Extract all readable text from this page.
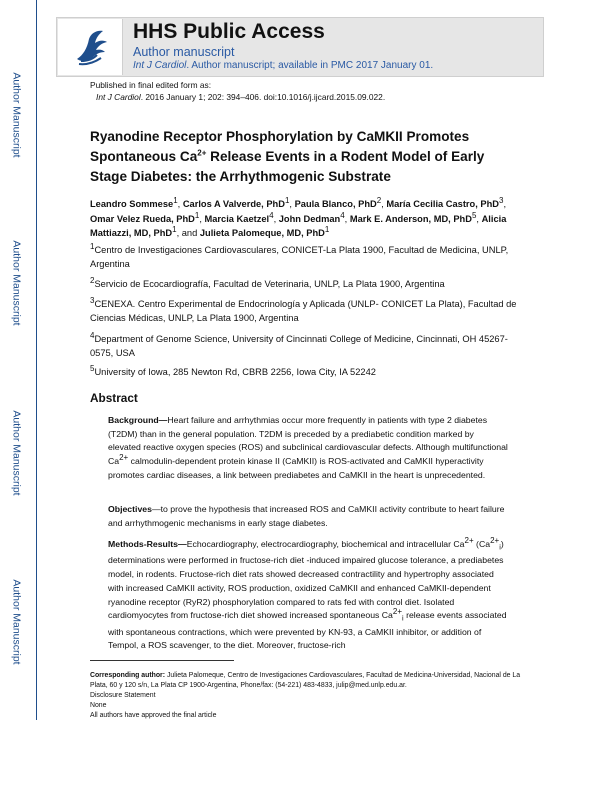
Author Manuscript
Author Manuscript
Author Manuscript
Author Manuscript
HHS Public Access
Author manuscript
Int J Cardiol. Author manuscript; available in PMC 2017 January 01.
Published in final edited form as:
Int J Cardiol. 2016 January 1; 202: 394–406. doi:10.1016/j.ijcard.2015.09.022.
Ryanodine Receptor Phosphorylation by CaMKII Promotes Spontaneous $Ca^{2+}$ Release Events in a Rodent Model of Early Stage Diabetes: the Arrhythmogenic Substrate
Leandro Sommese1, Carlos A Valverde, PhD1, Paula Blanco, PhD2, María Cecilia Castro, PhD3, Omar Velez Rueda, PhD1, Marcia Kaetzel4, John Dedman4, Mark E. Anderson, MD, PhD5, Alicia Mattiazzi, MD, PhD1, and Julieta Palomeque, MD, PhD1
1Centro de Investigaciones Cardiovasculares, CONICET-La Plata 1900, Facultad de Medicina, UNLP, Argentina
2Servicio de Ecocardiografía, Facultad de Veterinaria, UNLP, La Plata 1900, Argentina
3CENEXA. Centro Experimental de Endocrinología y Aplicada (UNLP- CONICET La Plata), Facultad de Ciencias Médicas, UNLP, La Plata 1900, Argentina
4Department of Genome Science, University of Cincinnati College of Medicine, Cincinnati, OH 45267-0575, USA
5University of Iowa, 285 Newton Rd, CBRB 2256, Iowa City, IA 52242
Abstract
Background—Heart failure and arrhythmias occur more frequently in patients with type 2 diabetes (T2DM) than in the general population. T2DM is preceded by a prediabetic condition marked by elevated reactive oxygen species (ROS) and subclinical cardiovascular defects. Although multifunctional Ca2+ calmodulin-dependent protein kinase II (CaMKII) is ROS-activated and CaMKII hyperactivity promotes cardiac diseases, a link between prediabetes and CaMKII in the heart is unprecedented.
Objectives—to prove the hypothesis that increased ROS and CaMKII activity contribute to heart failure and arrhythmogenic mechanisms in early stage diabetes.
Methods-Results—Echocardiography, electrocardiography, biochemical and intracellular $Ca2+ (Ca2+_i)$ determinations were performed in fructose-rich diet -induced impaired glucose tolerance, a prediabetes model, in rodents. Fructose-rich diet rats showed decreased contractility and hypertrophy associated with increased CaMKII activity, ROS production, oxidized CaMKII and enhanced CaMKII-dependent ryanodine receptor (RyR2) phosphorylation compared to rats fed with control diet. Isolated cardiomyocytes from fructose-rich diet showed increased spontaneous $Ca2+_i$ release events associated with spontaneous contractions, which were prevented by KN-93, a CaMKII inhibitor, or addition of Tempol, a ROS scavenger, to the diet. Moreover, fructose-rich
Corresponding author: Julieta Palomeque, Centro de Investigaciones Cardiovasculares, Facultad de Medicina-Universidad, Nacional de La Plata, 60 y 120 s/n, La Plata CP 1900-Argentina, Phone/fax: (54-221) 483-4833, julip@med.unlp.edu.ar.
Disclosure Statement
None
All authors have approved the final article
